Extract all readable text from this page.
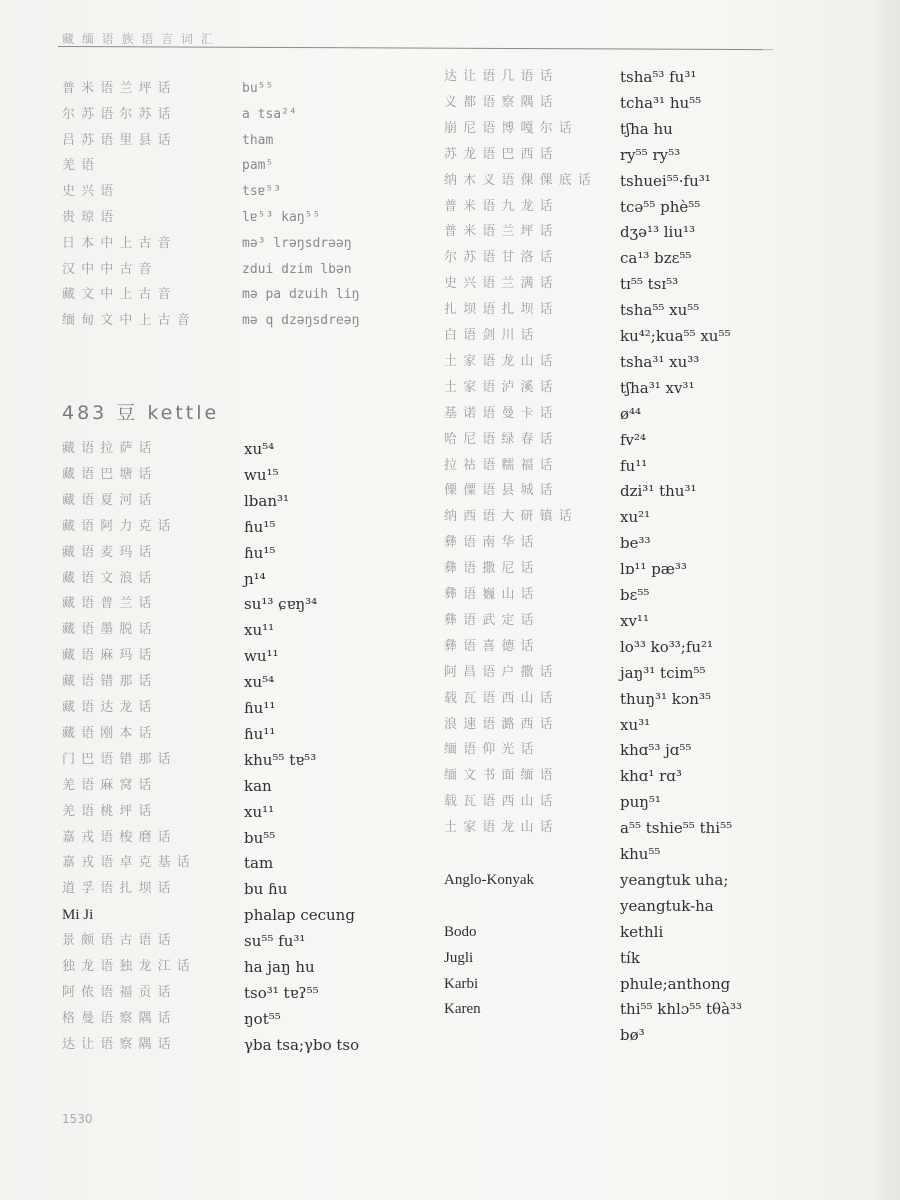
藏 缅 语 族 语 言 词 汇
普 米 语 兰 坪 话	bu⁵⁵
尔 苏 语 尔 苏 话	a tsa²⁴
吕 苏 语 里 县 话	tham
羌 语	pam⁵
史 兴 语	tsɐ⁵³
贵 琼 语	lɐ⁵³ kaŋ⁵⁵
日 本 中 上 古 音	mə³ lrəŋsdrəəŋ
汉 中 中 古 音	zdui dzim lbən
藏 文 中 上 古 音	mə pa dzuih liŋ
缅 甸 文 中 上 古 音	mə q dzəŋsdreəŋ
483 豆 kettle
藏 语 拉 萨 话	xu⁵⁴
藏 语 巴 塘 话	wu¹⁵
藏 语 夏 河 话	lban³¹
藏 语 阿 力 克 话	ɦu¹⁵
藏 语 麦 玛 话	ɦu¹⁵
藏 语 文 浪 话	ɲ¹⁴
藏 语 普 兰 话	su¹³ ɕɐŋ³⁴
藏 语 墨 脱 话	xu¹¹
藏 语 麻 玛 话	wu¹¹
藏 语 错 那 话	xu⁵⁴
藏 语 达 龙 话	ɦu¹¹
藏 语 刚 本 话	ɦu¹¹
门 巴 语 错 那 话	khu⁵⁵ tɐ⁵³
羌 语 麻 窝 话	kan
羌 语 桃 坪 话	xu¹¹
嘉 戎 语 梭 磨 话	bu⁵⁵
嘉 戎 语 卓 克 基 话	tam
道 孚 语 扎 坝 话	bu ɦu
Mi Ji	phalap cecung
景 颇 语 古 语 话	su⁵⁵ fu³¹
独 龙 语 独 龙 江 话	ha jaŋ hu
阿 侬 语 福 贡 话	tso³¹ tɐʔ⁵⁵
格 曼 语 察 隅 话	ŋot⁵⁵
达 让 语 察 隅 话	γba tsa;γbo tso
达 让 语 几 语 话	tsha⁵³ fu³¹
义 都 语 察 隅 话	tcha³¹ hu⁵⁵
崩 尼 语 博 嘎 尔 话	tʃha hu
苏 龙 语 巴 西 话	ry⁵⁵ ry⁵³
纳 木 义 语 倮 倮 底 话 tshuei⁵⁵·fu³¹
普 米 语 九 龙 话	tcə⁵⁵ phè⁵⁵
普 米 语 兰 坪 话	dʒə¹³ liu¹³
尔 苏 语 甘 洛 话	ca¹³ bzɛ⁵⁵
史 兴 语 兰 满 话	tɪ⁵⁵ tsɪ⁵³
扎 坝 语 扎 坝 话	tsha⁵⁵ xu⁵⁵
白 语 剑 川 话	ku⁴²;kua⁵⁵ xu⁵⁵
土 家 语 龙 山 话	tsha³¹ xu³³
土 家 语 泸 溪 话	tʃha³¹ xv³¹
基 诺 语 曼 卡 话	ø⁴⁴
哈 尼 语 绿 春 话	fv²⁴
拉 祜 语 糯 福 话	fu¹¹
傈 僳 语 县 城 话	dzi³¹ thu³¹
纳 西 语 大 研 镇 话	xu²¹
彝 语 南 华 话	be³³
彝 语 撒 尼 话	lɒ¹¹ pæ³³
彝 语 巍 山 话	bɛ⁵⁵
彝 语 武 定 话	xv¹¹
彝 语 喜 德 话	lo³³ ko³³;fu²¹
阿 昌 语 户 撒 话	jaŋ³¹ tcim⁵⁵
载 瓦 语 西 山 话	thuŋ³¹ kɔn³⁵
浪 速 语 潞 西 话	xu³¹
缅 语 仰 光 话	khɑ⁵³ jɑ⁵⁵
缅 文 书 面 缅 语	khɑ¹ rɑ³
载 瓦 语 西 山 话	puŋ⁵¹
土 家 语 龙 山 话	a⁵⁵ tshie⁵⁵ thi⁵⁵
khu⁵⁵
Anglo-Konyak	yeangtuk uha;
yeangtuk-ha
Bodo	kethli
Jugli	tík
Karbi	phule;anthong
Karen	thi⁵⁵ khlɔ⁵⁵ tθà³³
bø³
1530
